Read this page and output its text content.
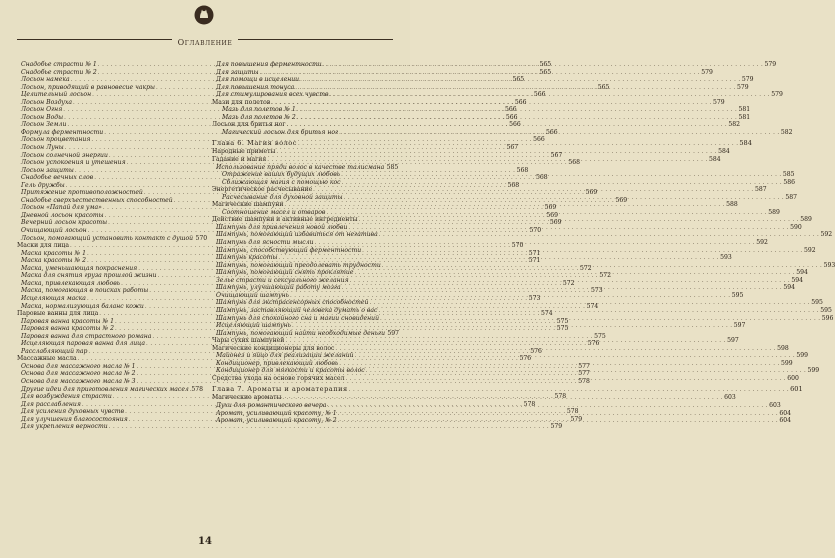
Оглавление
Снадобье страсти № 1 . . .	565
Снадобье страсти № 2 . . .	565
Лосьон намека . . .	565
Лосьон, приводящий в равновесие чакры . . .	565
Целительный лосьон . . .	566
Лосьон Воздуха . . .	566
Лосьон Огня . . .	566
Лосьон Воды . . .	566
Лосьон Земли . . .	566
Формула ферментности . . .	566
Лосьон процветания . . .	566
Лосьон Луны . . .	567
Лосьон солнечной энергии . . .	567
Лосьон успокоения и утешения . . .	568
Лосьон защиты . . .	568
Снадобье вечных слов . . .	568
Гель дружбы . . .	568
Притяжение противоположностей . . .	569
Снадобье сверхъестественных способностей . . .	569
Лосьон «Папай для ума» . . .	569
Дневной лосьон красоты . . .	569
Вечерний лосьон красоты . . .	569
Очищающий лосьон . . .	570
Лосьон, помогающий установить контакт с душой 570
Маски для лица . . .	570
Маска красоты № 1 . . .	571
Маска красоты № 2 . . .	571
Маска, уменьшающая покраснения . . .	572
Маска для снятия груза прошлой жизни . . .	572
Маска, привлекающая любовь . . .	572
Маска, помогающая в поисках работы . . .	573
Исцеляющая маска . . .	573
Маска, нормализующая баланс кожи . . .	574
Паровые ванны для лица . . .	574
Паровая ванна красоты № 1 . . .	575
Паровая ванна красоты № 2 . . .	575
Паровая ванна для страстного романа . . .	575
Исцеляющая паровая ванна для лица . . .	576
Расслабляющий пар . . .	576
Массажные масла . . .	576
Основа для массажного масла № 1 . . .	577
Основа для массажного масла № 2 . . .	577
Основа для массажного масла № 3 . . .	578
Другие идеи для приготовления магических масел . . . 578
Для возбуждения страсти . . .	578
Для расслабления . . .	578
Для усиления духовных чувств . . .	578
Для улучшения благосостояния . . .	579
Для укрепления верности . . .	579
Для повышения ферментности . . .	579
Для защиты . . .	579
Для помощи в исцелении . . .	579
Для повышения тонуса . . .	579
Для стимулирования всех чувств . . .	579
Мази для полетов . . .	579
Мазь для полетов № 1 . . .	581
Мазь для полетов № 2 . . .	581
Лосьон для бритья ног . . .	582
Магический лосьон для бритья ног . . .	582
Глава 6. Магия волос . . .	584
Народные приметы . . .	584
Гадание и магия . . .	584
Использование пряди волос в качестве талисмана 585
Отражение ваших будущих любовь . . .	585
Сближающая магия с помощью кос . . .	586
Энергетическое расчесывание . . .	587
Расчесывание для духовной защиты . . .	587
Магические шампуни . . .	588
Соотношение масел и отваров . . .	589
Действие шампуни и активные ингредиенты . . .	589
Шампунь для привлечения новой любви . . .	590
Шампунь, помогающий избавиться от негатива . . .	592
Шампунь для ясности мысли . . .	592
Шампунь, способствующий ферментности . . .	592
Шампунь красоты . . .	593
Шампунь, помогающий преодолевать трудности . . .	593
Шампунь, помогающий снять проклятие . . .	594
Зелье страсти и сексуального желания . . .	594
Шампунь, улучшающий работу мозга . . .	594
Очищающий шампунь . . .	595
Шампунь для экстрасенсорных способностей . . .	595
Шампунь, заставляющий человека думать о вас . . .	595
Шампунь для спокойного сна и магии сновидений . . .	596
Исцеляющий шампунь . . .	597
Шампунь, помогающий найти необходимые деньги 597
Чары сухих шампуней . . .	597
Магические кондиционеры для волос . . .	598
Майонез и яйцо для реализации желаний . . .	599
Кондиционер, привлекающий любовь . . .	599
Кондиционер для мягкости и красоты волос . . .	599
Средства ухода на основе горячих масел . . .	600
Глава 7. Ароматы и ароматерапия . . .	601
Магические ароматы . . .	603
Духи для романтического вечера . . .	603
Аромат, усиливающий красоту, № 1 . . .	604
Аромат, усиливающий красоту, № 2 . . .	604
14
